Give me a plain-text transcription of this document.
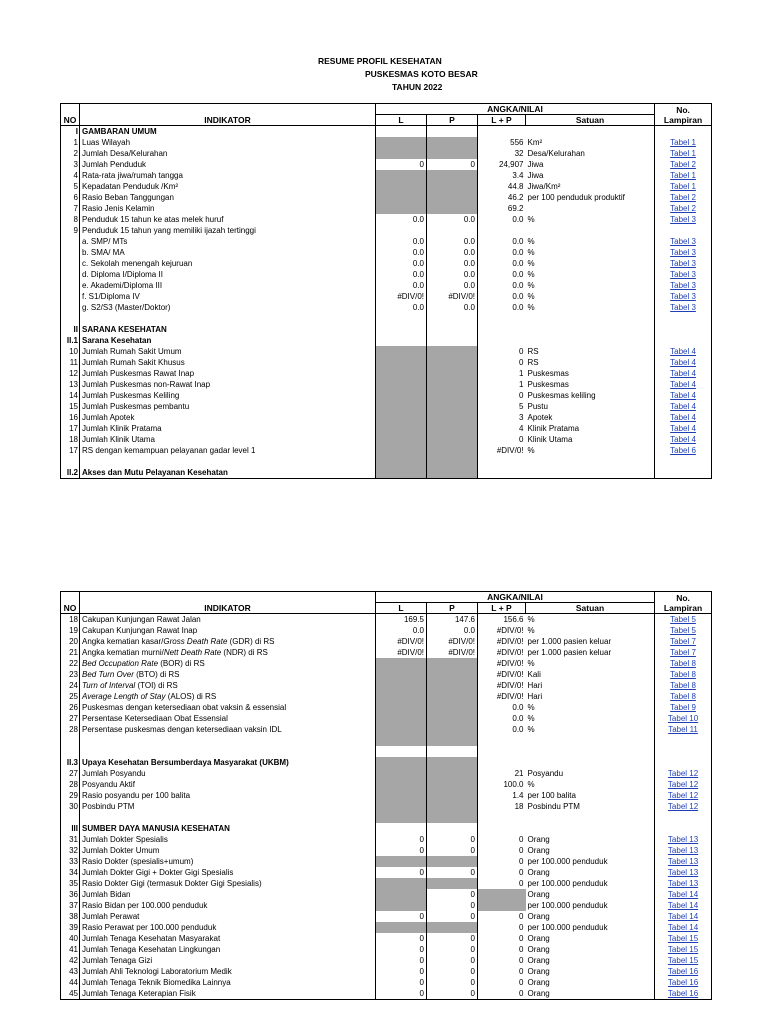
RESUME PROFIL KESEHATAN
PUSKESMAS KOTO BESAR
TAHUN 2022
NO	INDIKATOR	ANGKA/NILAI				No.
		L	P	L + P	Satuan	Lampiran
I	GAMBARAN UMUM					
1	Luas Wilayah			556	Km²	Tabel 1
2	Jumlah Desa/Kelurahan			32	Desa/Kelurahan	Tabel 1
3	Jumlah Penduduk	0	0	24,907	Jiwa	Tabel 2
4	Rata-rata jiwa/rumah tangga			3.4	Jiwa	Tabel 1
5	Kepadatan Penduduk /Km²			44.8	Jiwa/Km²	Tabel 1
6	Rasio Beban Tanggungan			46.2	per 100 penduduk produktif	Tabel 2
7	Rasio Jenis Kelamin			69.2		Tabel 2
8	Penduduk 15 tahun ke atas melek huruf	0.0	0.0	0.0	%	Tabel 3
9	Penduduk 15 tahun yang memiliki ijazah tertinggi					
	a. SMP/ MTs	0.0	0.0	0.0	%	Tabel 3
	b. SMA/ MA	0.0	0.0	0.0	%	Tabel 3
	c. Sekolah menengah kejuruan	0.0	0.0	0.0	%	Tabel 3
	d. Diploma I/Diploma II	0.0	0.0	0.0	%	Tabel 3
	e. Akademi/Diploma III	0.0	0.0	0.0	%	Tabel 3
	f. S1/Diploma IV	#DIV/0!	#DIV/0!	0.0	%	Tabel 3
	g. S2/S3 (Master/Doktor)	0.0	0.0	0.0	%	Tabel 3

II	SARANA KESEHATAN					
II.1	Sarana Kesehatan					
10	Jumlah Rumah Sakit Umum			0	RS	Tabel 4
11	Jumlah Rumah Sakit Khusus			0	RS	Tabel 4
12	Jumlah Puskesmas Rawat Inap			1	Puskesmas	Tabel 4
13	Jumlah Puskesmas non-Rawat Inap			1	Puskesmas	Tabel 4
14	Jumlah Puskesmas Keliling			0	Puskesmas keliling	Tabel 4
15	Jumlah Puskesmas pembantu			5	Pustu	Tabel 4
16	Jumlah Apotek			3	Apotek	Tabel 4
17	Jumlah Klinik Pratama			4	Klinik Pratama	Tabel 4
18	Jumlah Klinik Utama			0	Klinik Utama	Tabel 4
17	RS dengan kemampuan pelayanan gadar level 1			#DIV/0!	%	Tabel 6

II.2	Akses dan Mutu Pelayanan Kesehatan					
NO	INDIKATOR	ANGKA/NILAI				No.
		L	P	L + P	Satuan	Lampiran
18	Cakupan Kunjungan Rawat Jalan	169.5	147.6	156.6	%	Tabel 5
19	Cakupan Kunjungan Rawat Inap	0.0	0.0	#DIV/0!	%	Tabel 5
20	Angka kematian kasar/Gross Death Rate (GDR) di RS	#DIV/0!	#DIV/0!	#DIV/0!	per 1.000 pasien keluar	Tabel 7
21	Angka kematian murni/Nett Death Rate (NDR) di RS	#DIV/0!	#DIV/0!	#DIV/0!	per 1.000 pasien keluar	Tabel 7
22	Bed Occupation Rate (BOR) di RS			#DIV/0!	%	Tabel 8
23	Bed Turn Over (BTO) di RS			#DIV/0!	Kali	Tabel 8
24	Turn of Interval (TOI) di RS			#DIV/0!	Hari	Tabel 8
25	Average Length of Stay (ALOS) di RS			#DIV/0!	Hari	Tabel 8
26	Puskesmas dengan ketersediaan obat vaksin & essensial			0.0	%	Tabel 9
27	Persentase Ketersediaan Obat Essensial			0.0	%	Tabel 10
28	Persentase puskesmas dengan ketersediaan vaksin IDL			0.0	%	Tabel 11

II.3	Upaya Kesehatan Bersumberdaya Masyarakat (UKBM)					
27	Jumlah Posyandu			21	Posyandu	Tabel 12
28	Posyandu Aktif			100.0	%	Tabel 12
29	Rasio posyandu per 100 balita			1.4	per 100 balita	Tabel 12
30	Posbindu PTM			18	Posbindu PTM	Tabel 12

III	SUMBER DAYA MANUSIA KESEHATAN					
31	Jumlah Dokter Spesialis	0	0	0	Orang	Tabel 13
32	Jumlah Dokter Umum	0	0	0	Orang	Tabel 13
33	Rasio Dokter (spesialis+umum)			0	per 100.000 penduduk	Tabel 13
34	Jumlah Dokter Gigi + Dokter Gigi Spesialis	0	0	0	Orang	Tabel 13
35	Rasio Dokter Gigi (termasuk Dokter Gigi Spesialis)			0	per 100.000 penduduk	Tabel 13
36	Jumlah Bidan		0		Orang	Tabel 14
37	Rasio Bidan per 100.000 penduduk		0		per 100.000 penduduk	Tabel 14
38	Jumlah Perawat	0	0	0	Orang	Tabel 14
39	Rasio Perawat per 100.000 penduduk			0	per 100.000 penduduk	Tabel 14
40	Jumlah Tenaga Kesehatan Masyarakat	0	0	0	Orang	Tabel 15
41	Jumlah Tenaga Kesehatan Lingkungan	0	0	0	Orang	Tabel 15
42	Jumlah Tenaga Gizi	0	0	0	Orang	Tabel 15
43	Jumlah Ahli Teknologi Laboratorium Medik	0	0	0	Orang	Tabel 16
44	Jumlah Tenaga Teknik Biomedika Lainnya	0	0	0	Orang	Tabel 16
45	Jumlah Tenaga Keterapian Fisik	0	0	0	Orang	Tabel 16
